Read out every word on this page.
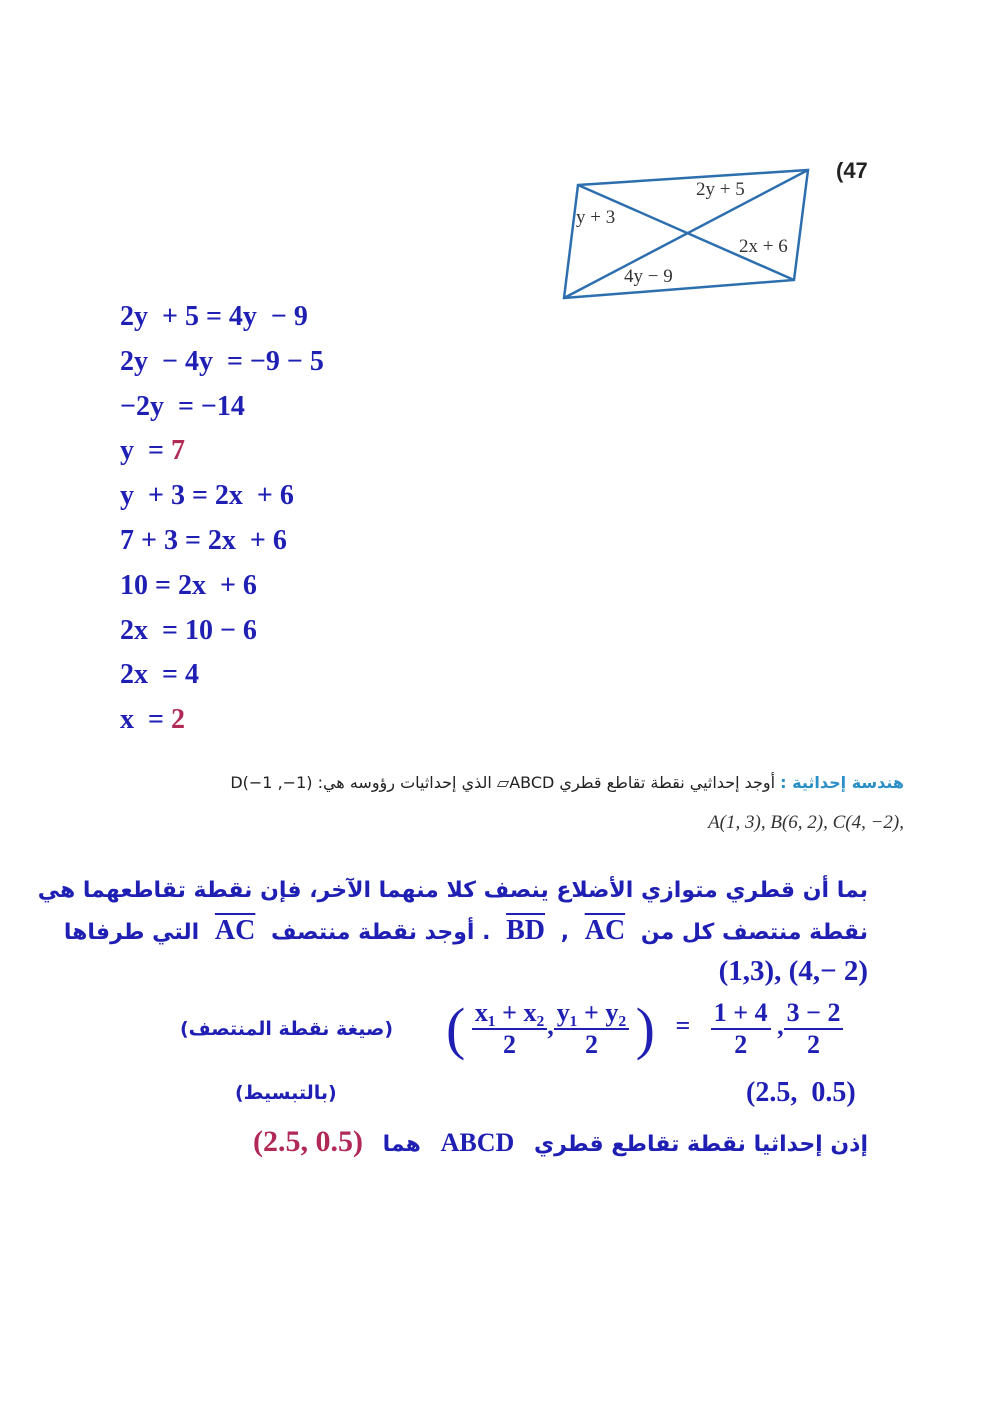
(47
2y + 5
y + 3
2x + 6
4y − 9
2y  + 5 = 4y  − 9
2y  − 4y  = −9 − 5
−2y  = −14
y  = 7
y  + 3 = 2x  + 6
7 + 3 = 2x  + 6
10 = 2x  + 6
2x  = 10 − 6
2x  = 4
x  = 2
هندسة إحداثية : أوجد إحداثيي نقطة تقاطع قطري ABCD▱ الذي إحداثيات رؤوسه هي: (1−, 1−)D
A(1, 3), B(6, 2), C(4, −2),
بما أن قطري متوازي الأضلاع ينصف كلا منهما الآخر، فإن نقطة تقاطعهما هي
نقطة منتصف كل من BD , AC . أوجد نقطة منتصف AC التي طرفاها
(1,3), (4,− 2)
( $\frac{\text{x₁ + x₂}}{2}$ , $\frac{\text{y₁ + y₂}}{2}$ ) = $\frac{1 + 4}{2}$ , $\frac{3 - 2}{2}$
(صيغة نقطة المنتصف)
(بالتبسيط)	(2.5,  0.5)
إذن إحداثيا نقطة تقاطع قطري ABCD هما (2.5, 0.5)
